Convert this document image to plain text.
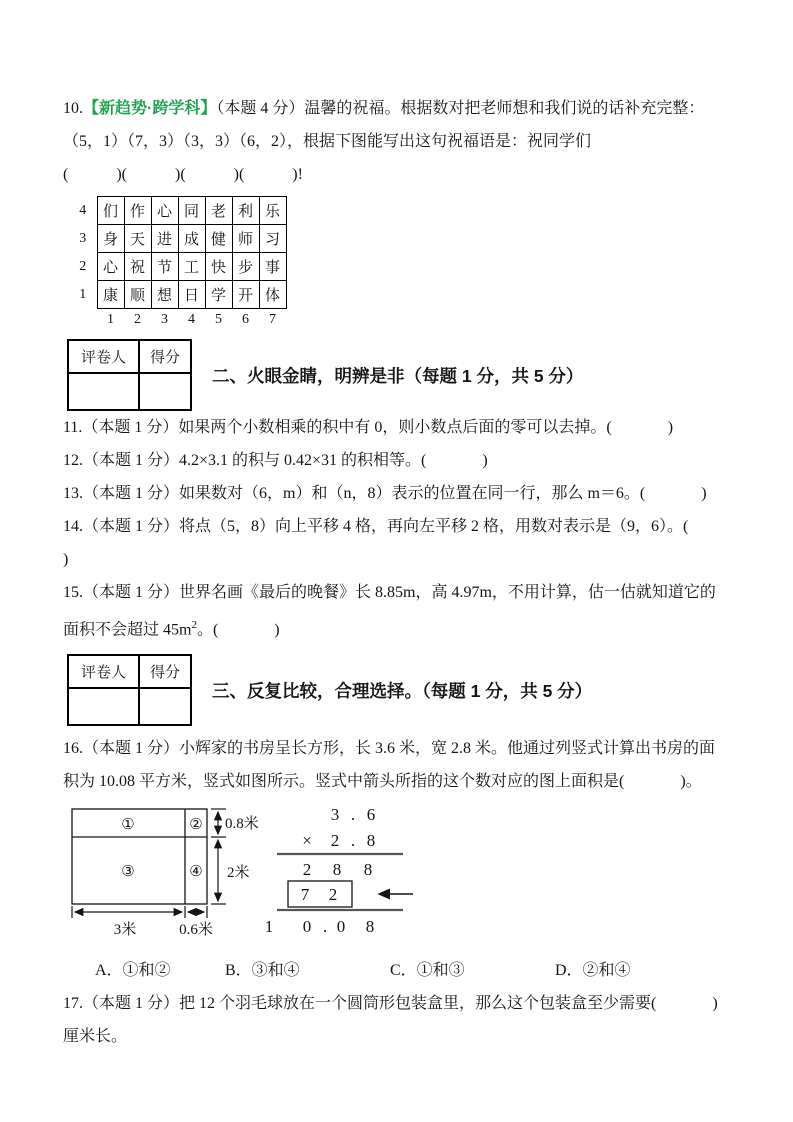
10.【新趋势·跨学科】（本题 4 分）温馨的祝福。根据数对把老师想和我们说的话补充完整：

（5，1）（7，3）（3，3）（6，2），根据下图能写出这句祝福语是：祝同学们

(            )(            )(            )(            )!

4	们	作	心	同	老	利	乐
3	身	天	进	成	健	师	习
2	心	祝	节	工	快	步	事
1	康	顺	想	日	学	开	体
	1	2	3	4	5	6	7
评卷人	得分

二、火眼金睛，明辨是非（每题 1 分，共 5 分）

11.（本题 1 分）如果两个小数相乘的积中有 0，则小数点后面的零可以去掉。(              )

12.（本题 1 分）4.2×3.1 的积与 0.42×31 的积相等。(              )

13.（本题 1 分）如果数对（6，m）和（n，8）表示的位置在同一行，那么 m＝6。(              )

14.（本题 1 分）将点（5，8）向上平移 4 格，再向左平移 2 格，用数对表示是（9，6）。(              )

15.（本题 1 分）世界名画《最后的晚餐》长 8.85m，高 4.97m，不用计算，估一估就知道它的

面积不会超过 $45m^2$。(              )

评卷人	得分

三、反复比较，合理选择。（每题 1 分，共 5 分）

16.（本题 1 分）小辉家的书房呈长方形，长 3.6 米，宽 2.8 米。他通过列竖式计算出书房的面

积为 10.08 平方米，竖式如图所示。竖式中箭头所指的这个数对应的图上面积是(              )。

①	②
③	④
0.8米
2米
3米	0.6米
3 . 6
× 2 . 8
2 8 8
7 2
1 0 . 0 8
A．①和②	B．③和④	C．①和③	D．②和④

17.（本题 1 分）把 12 个羽毛球放在一个圆筒形包装盒里，那么这个包装盒至少需要(              )

厘米长。
